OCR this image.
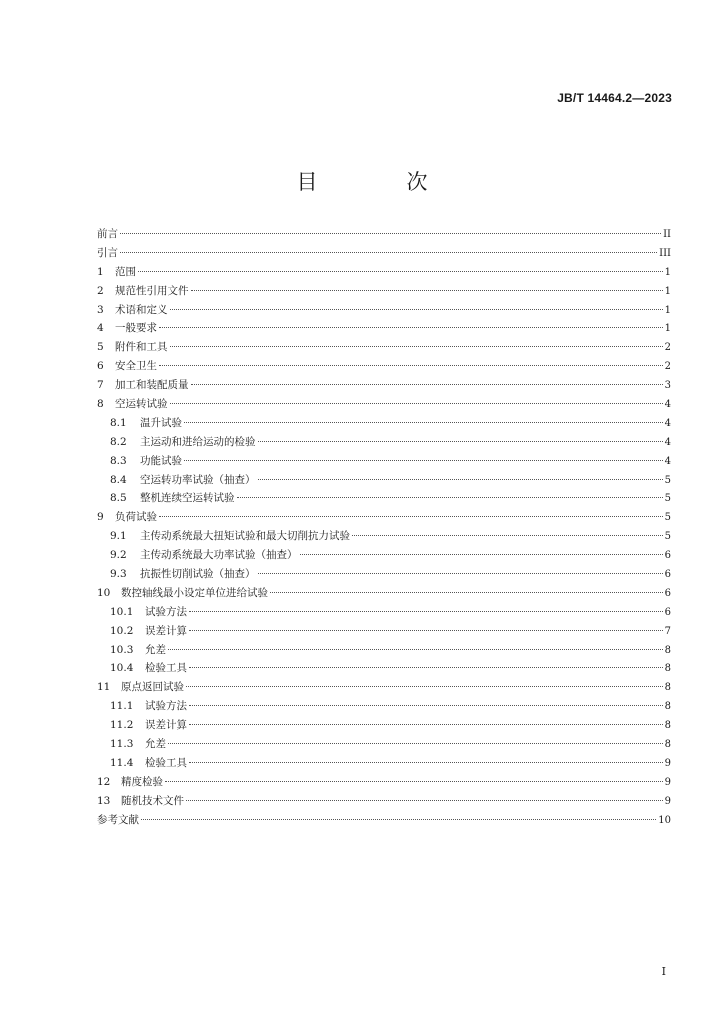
JB/T 14464.2—2023
目　次
前言	II
引言	III
1	范围	1
2	规范性引用文件	1
3	术语和定义	1
4	一般要求	1
5	附件和工具	2
6	安全卫生	2
7	加工和装配质量	3
8	空运转试验	4
8.1	温升试验	4
8.2	主运动和进给运动的检验	4
8.3	功能试验	4
8.4	空运转功率试验（抽查）	5
8.5	整机连续空运转试验	5
9	负荷试验	5
9.1	主传动系统最大扭矩试验和最大切削抗力试验	5
9.2	主传动系统最大功率试验（抽查）	6
9.3	抗振性切削试验（抽查）	6
10	数控轴线最小设定单位进给试验	6
10.1	试验方法	6
10.2	误差计算	7
10.3	允差	8
10.4	检验工具	8
11	原点返回试验	8
11.1	试验方法	8
11.2	误差计算	8
11.3	允差	8
11.4	检验工具	9
12	精度检验	9
13	随机技术文件	9
参考文献	10
I
